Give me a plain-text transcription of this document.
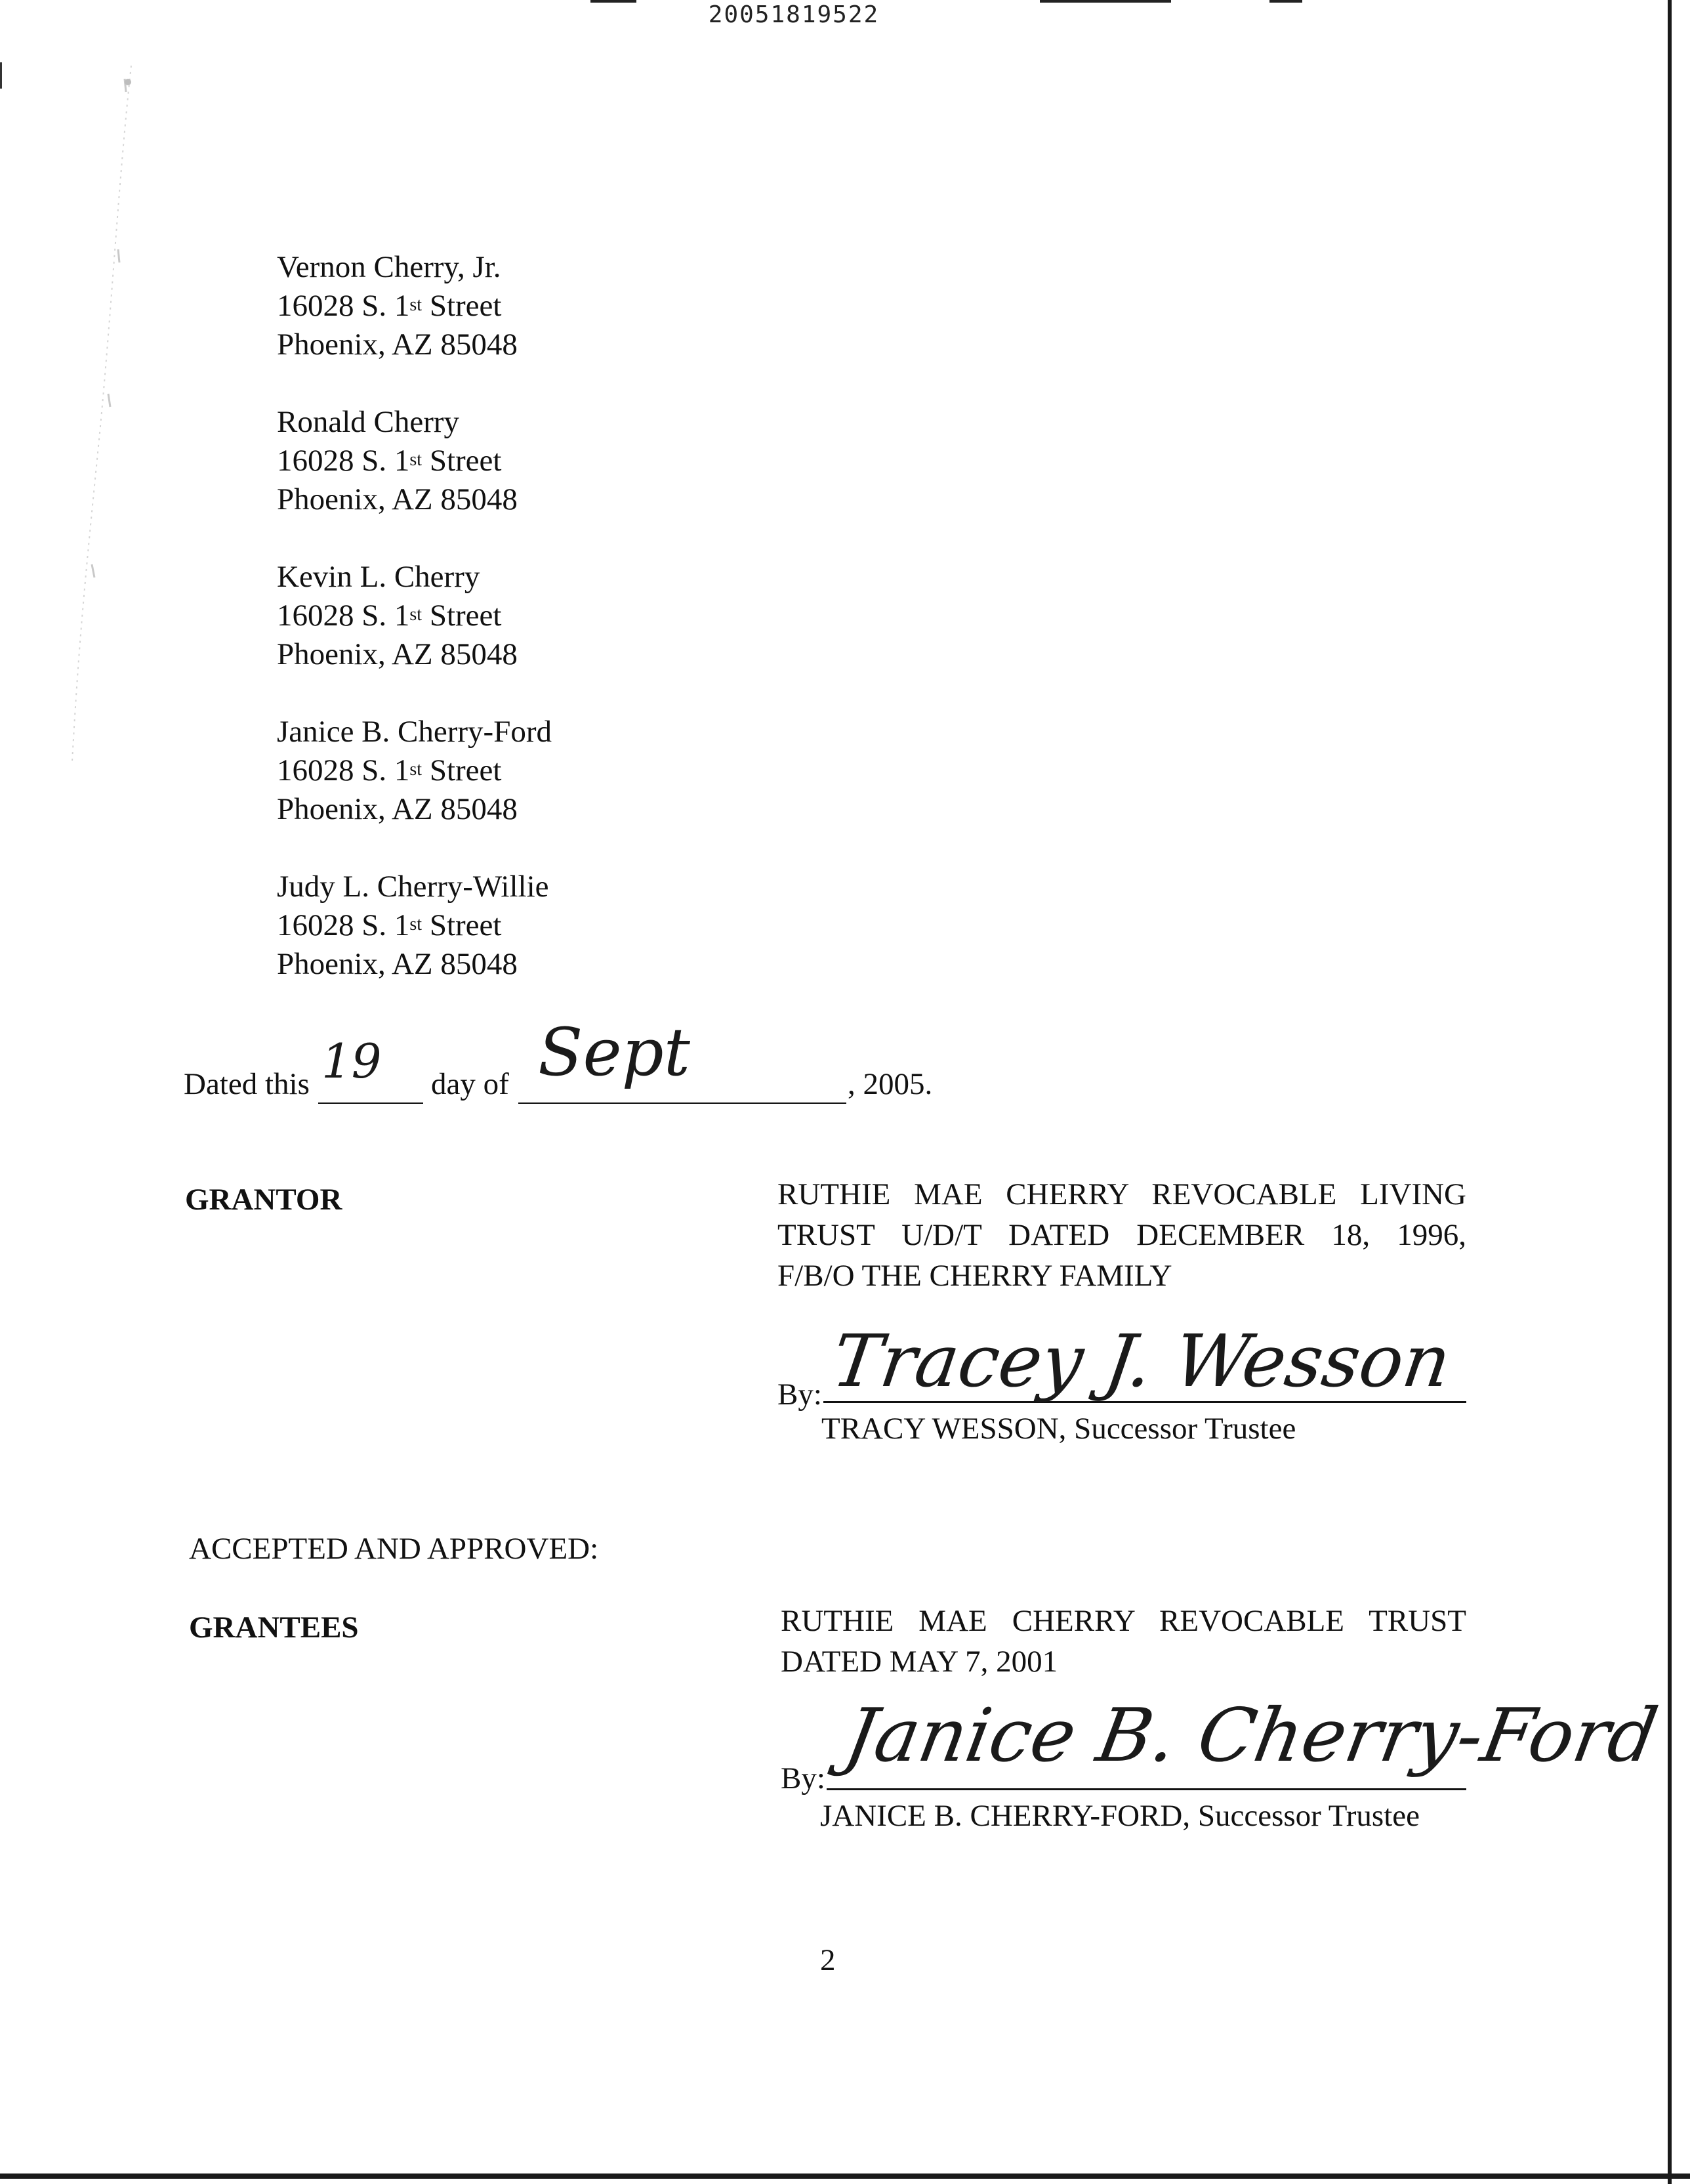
20051819522
Vernon Cherry, Jr.
16028 S. 1st Street
Phoenix, AZ 85048
Ronald Cherry
16028 S. 1st Street
Phoenix, AZ 85048
Kevin L. Cherry
16028 S. 1st Street
Phoenix, AZ 85048
Janice B. Cherry-Ford
16028 S. 1st Street
Phoenix, AZ 85048
Judy L. Cherry-Willie
16028 S. 1st Street
Phoenix, AZ 85048
Dated this 19 day of Sept	, 2005.
GRANTOR	RUTHIE MAE CHERRY REVOCABLE LIVING
TRUST U/D/T DATED DECEMBER 18, 1996,
F/B/O THE CHERRY FAMILY
By: Tracey J. Wesson
TRACY WESSON, Successor Trustee
ACCEPTED AND APPROVED:
GRANTEES	RUTHIE MAE CHERRY REVOCABLE TRUST
DATED MAY 7, 2001
By: Janice B. Cherry-Ford
JANICE B. CHERRY-FORD, Successor Trustee
2
